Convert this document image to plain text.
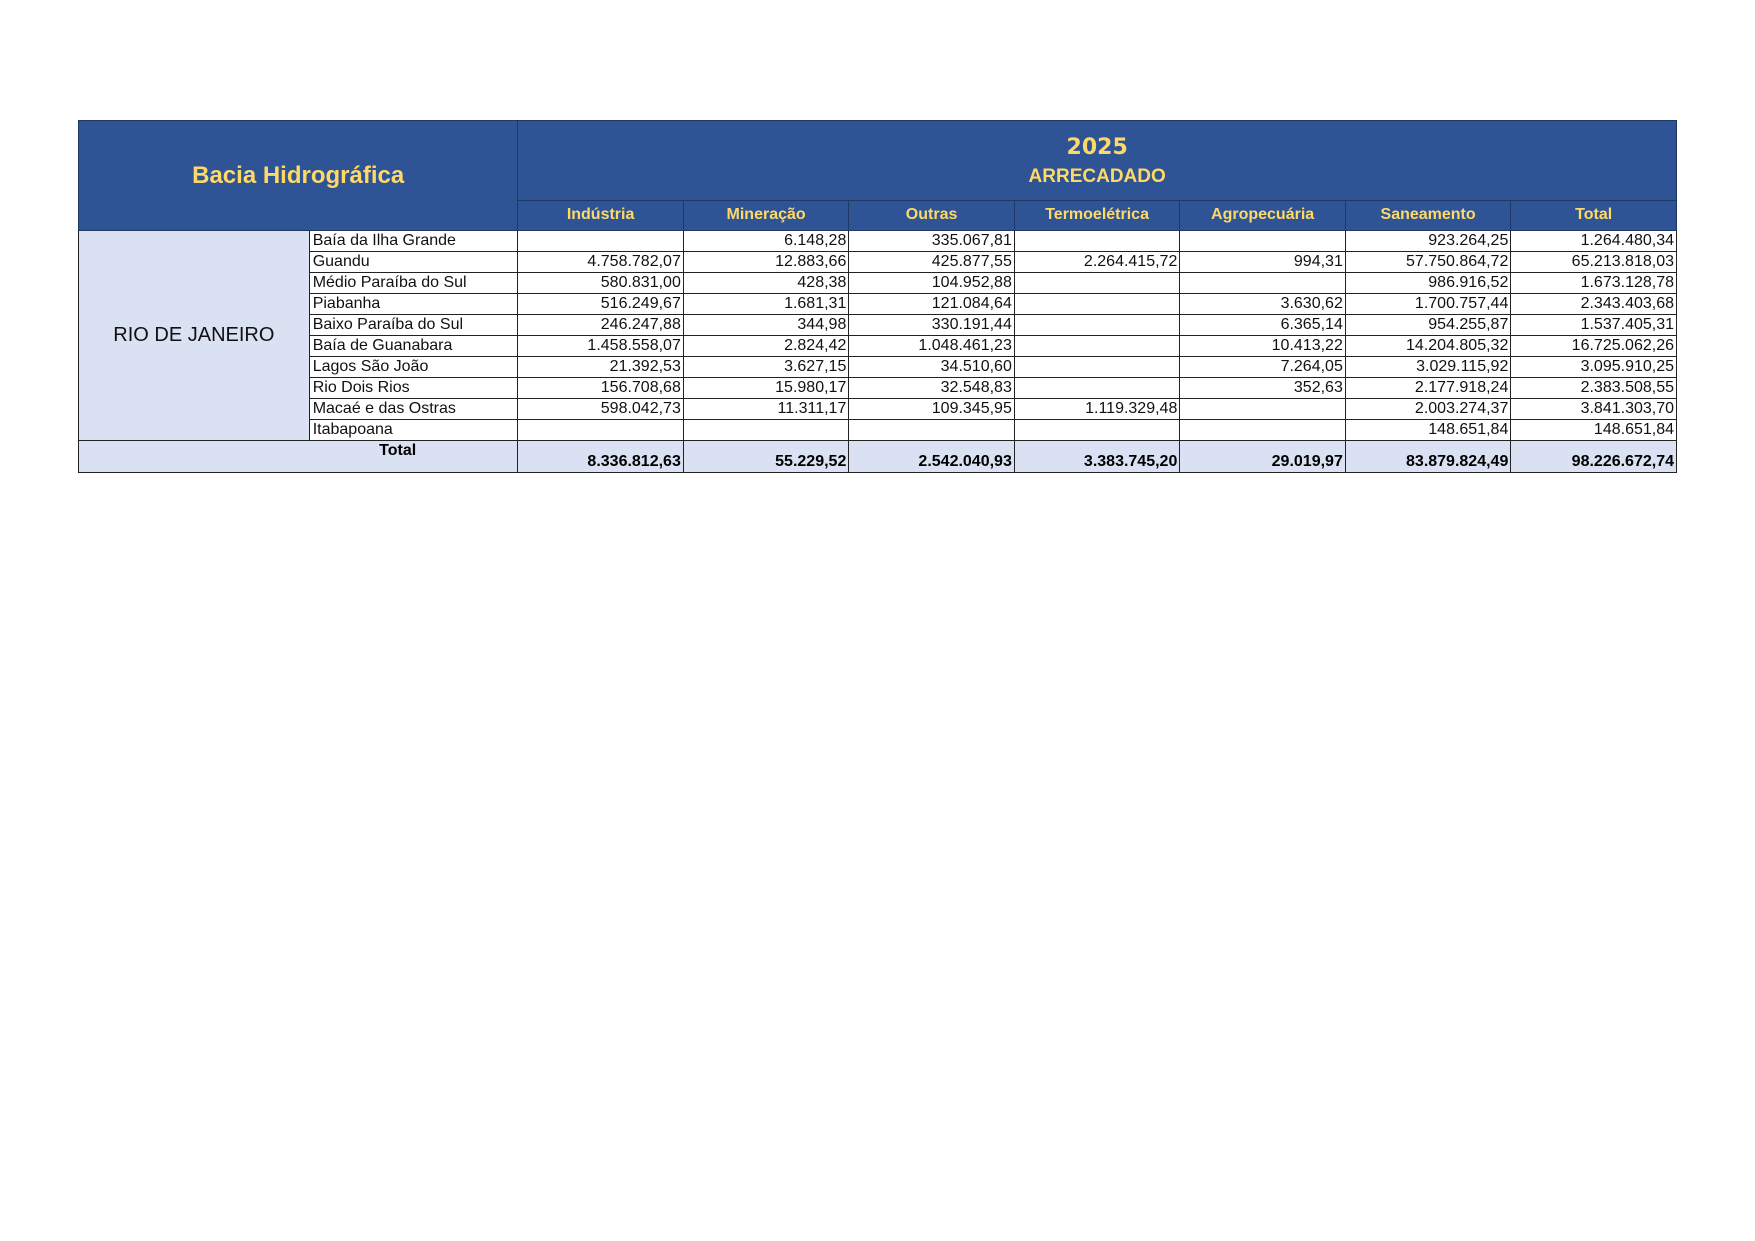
Bacia Hidrográfica		2025
ARRECADADO						

		Indústria	Mineração	Outras	Termoelétrica	Agropecuária	Saneamento	Total
RIO DE JANEIRO	Baía da Ilha Grande		6.148,28	335.067,81			923.264,25	1.264.480,34
	Guandu	4.758.782,07	12.883,66	425.877,55	2.264.415,72	994,31	57.750.864,72	65.213.818,03
	Médio Paraíba do Sul	580.831,00	428,38	104.952,88			986.916,52	1.673.128,78
	Piabanha	516.249,67	1.681,31	121.084,64		3.630,62	1.700.757,44	2.343.403,68
	Baixo Paraíba do Sul	246.247,88	344,98	330.191,44		6.365,14	954.255,87	1.537.405,31
	Baía de Guanabara	1.458.558,07	2.824,42	1.048.461,23		10.413,22	14.204.805,32	16.725.062,26
	Lagos São João	21.392,53	3.627,15	34.510,60		7.264,05	3.029.115,92	3.095.910,25
	Rio Dois Rios	156.708,68	15.980,17	32.548,83		352,63	2.177.918,24	2.383.508,55
	Macaé e das Ostras	598.042,73	11.311,17	109.345,95	1.119.329,48		2.003.274,37	3.841.303,70
	Itabapoana						148.651,84	148.651,84
Total		8.336.812,63	55.229,52	2.542.040,93	3.383.745,20	29.019,97	83.879.824,49	98.226.672,74
